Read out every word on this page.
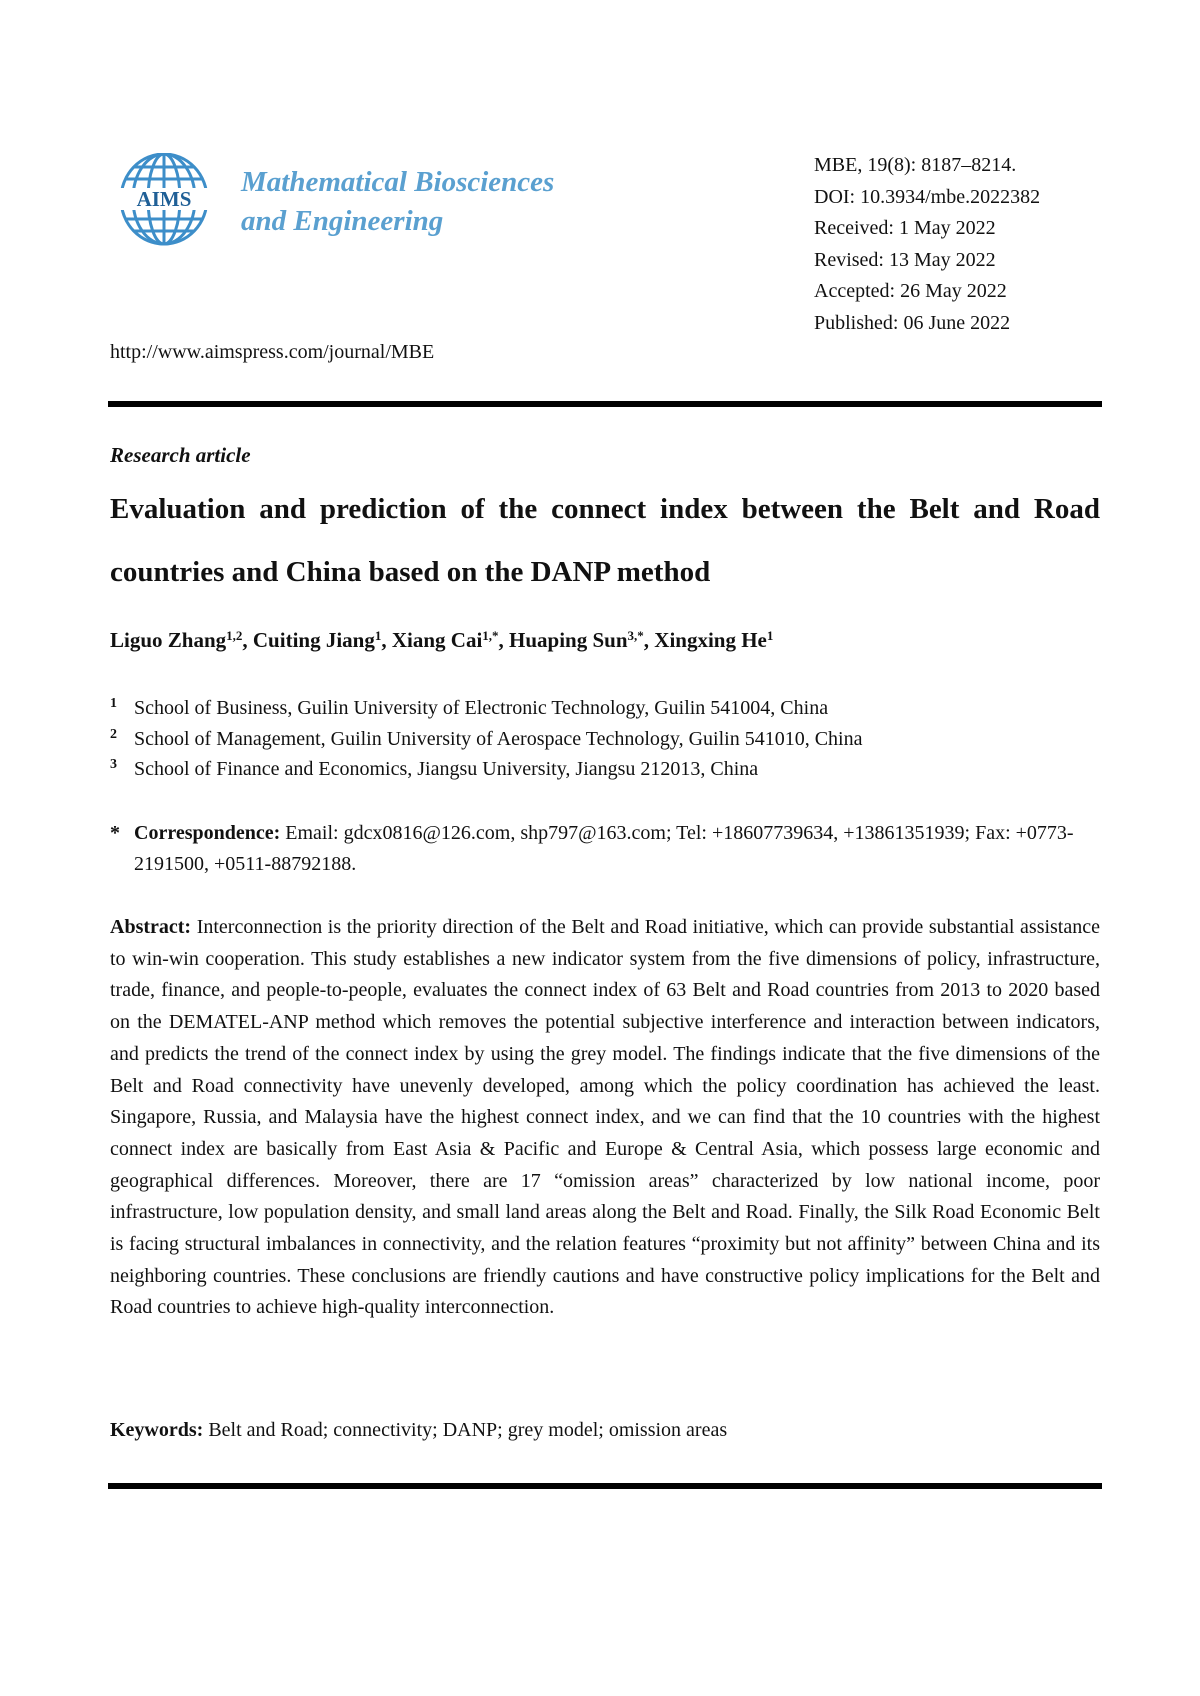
AIMS
Mathematical Biosciences
and Engineering
MBE, 19(8): 8187–8214.
DOI: 10.3934/mbe.2022382
Received: 1 May 2022
Revised: 13 May 2022
Accepted: 26 May 2022
Published: 06 June 2022
http://www.aimspress.com/journal/MBE
Research article
Evaluation and prediction of the connect index between the Belt and Road countries and China based on the DANP method
Liguo Zhang$^{1,2}$, Cuiting Jiang$^1$, Xiang Cai$^{1,*}$, Huaping Sun$^{3,*}$, Xingxing He$^1$
1 School of Business, Guilin University of Electronic Technology, Guilin 541004, China
2 School of Management, Guilin University of Aerospace Technology, Guilin 541010, China
3 School of Finance and Economics, Jiangsu University, Jiangsu 212013, China
* Correspondence: Email: gdcx0816@126.com, shp797@163.com; Tel: +18607739634, +13861351939; Fax: +0773-2191500, +0511-88792188.

Abstract: Interconnection is the priority direction of the Belt and Road initiative, which can provide substantial assistance to win-win cooperation. This study establishes a new indicator system from the five dimensions of policy, infrastructure, trade, finance, and people-to-people, evaluates the connect index of 63 Belt and Road countries from 2013 to 2020 based on the DEMATEL-ANP method which removes the potential subjective interference and interaction between indicators, and predicts the trend of the connect index by using the grey model. The findings indicate that the five dimensions of the Belt and Road connectivity have unevenly developed, among which the policy coordination has achieved the least. Singapore, Russia, and Malaysia have the highest connect index, and we can find that the 10 countries with the highest connect index are basically from East Asia & Pacific and Europe & Central Asia, which possess large economic and geographical differences. Moreover, there are 17 “omission areas” characterized by low national income, poor infrastructure, low population density, and small land areas along the Belt and Road. Finally, the Silk Road Economic Belt is facing structural imbalances in connectivity, and the relation features “proximity but not affinity” between China and its neighboring countries. These conclusions are friendly cautions and have constructive policy implications for the Belt and Road countries to achieve high-quality interconnection.

Keywords: Belt and Road; connectivity; DANP; grey model; omission areas
